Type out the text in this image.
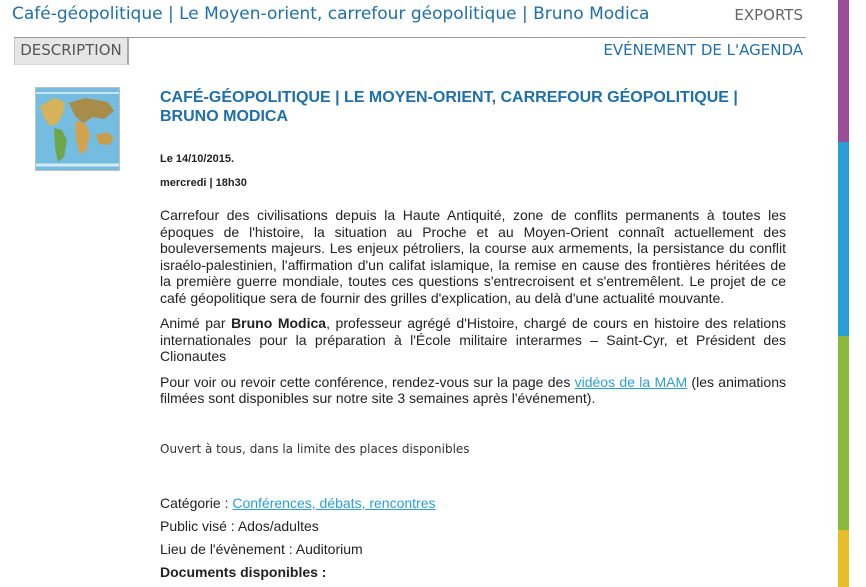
Café-géopolitique | Le Moyen-orient, carrefour géopolitique | Bruno Modica	EXPORTS
DESCRIPTION	EVÉNEMENT DE L'AGENDA
CAFÉ-GÉOPOLITIQUE | LE MOYEN-ORIENT, CARREFOUR GÉOPOLITIQUE | BRUNO MODICA
Le 14/10/2015.
mercredi | 18h30

Carrefour des civilisations depuis la Haute Antiquité, zone de conflits permanents à toutes les époques de l'histoire, la situation au Proche et au Moyen-Orient connaît actuellement des bouleversements majeurs. Les enjeux pétroliers, la course aux armements, la persistance du conflit israélo-palestinien, l'affirmation d'un califat islamique, la remise en cause des frontières héritées de la première guerre mondiale, toutes ces questions s'entrecroisent et s'entremêlent. Le projet de ce café géopolitique sera de fournir des grilles d'explication, au delà d'une actualité mouvante.

Animé par Bruno Modica, professeur agrégé d'Histoire, chargé de cours en histoire des relations internationales pour la préparation à l'École militaire interarmes – Saint-Cyr, et Président des Clionautes

Pour voir ou revoir cette conférence, rendez-vous sur la page des vidéos de la MAM (les animations filmées sont disponibles sur notre site 3 semaines après l'événement).

Ouvert à tous, dans la limite des places disponibles
Catégorie : Conférences, débats, rencontres
Public visé : Ados/adultes
Lieu de l'évènement : Auditorium
Documents disponibles :
